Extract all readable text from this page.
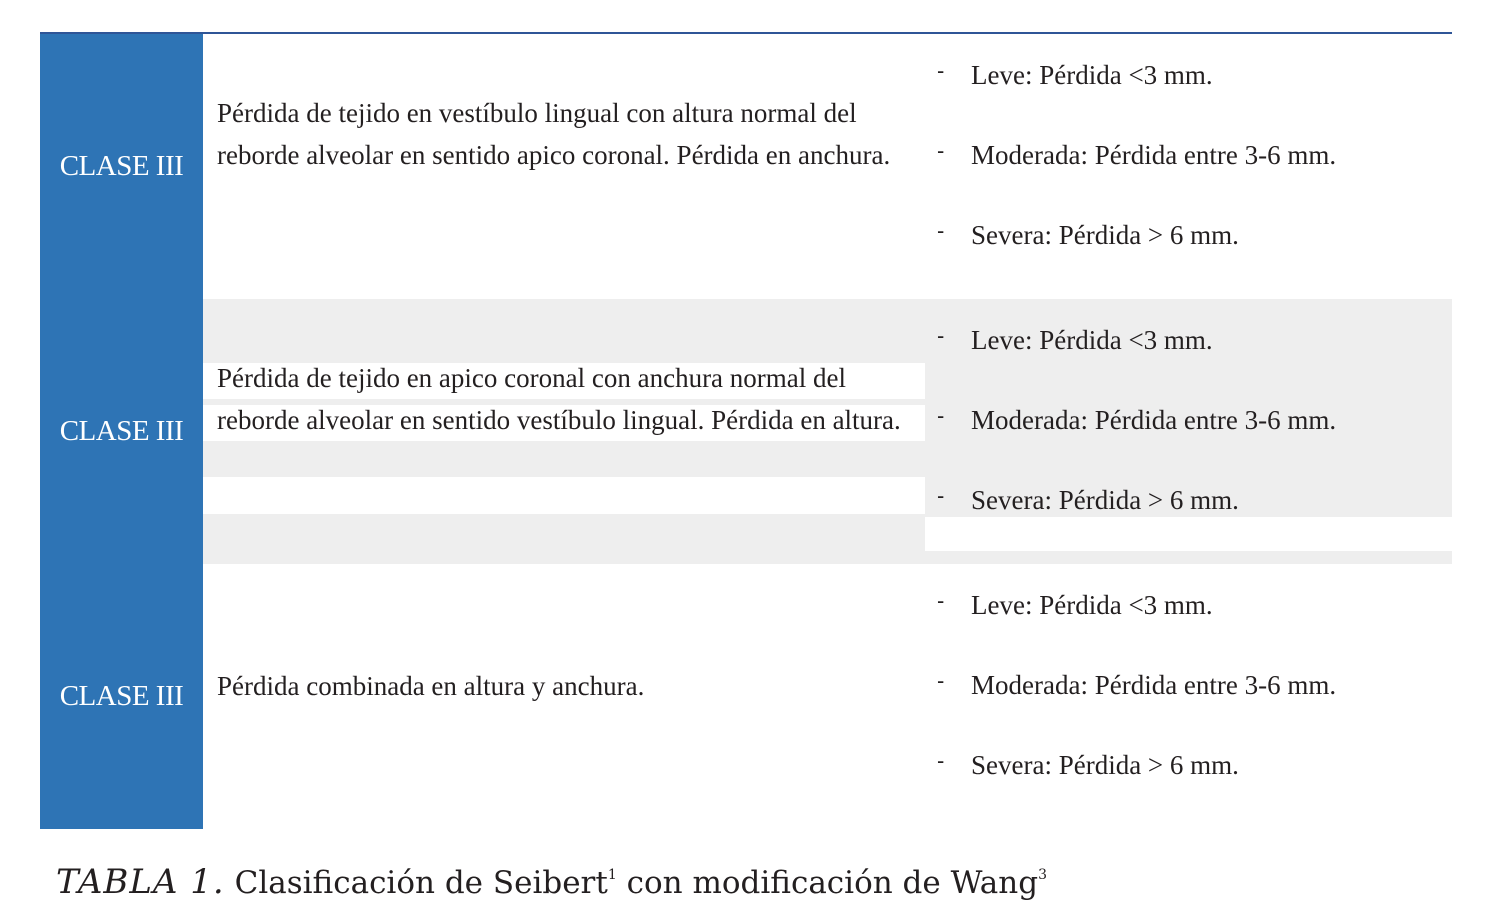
CLASE III
Pérdida de tejido en vestíbulo lingual con altura normal del reborde alveolar en sentido apico coronal. Pérdida en anchura.
- Leve: Pérdida <3 mm.
- Moderada: Pérdida entre 3-6 mm.
- Severa: Pérdida > 6 mm.
CLASE III
Pérdida de tejido en apico coronal con anchura normal del reborde alveolar en sentido vestíbulo lingual. Pérdida en altura.
- Leve: Pérdida <3 mm.
- Moderada: Pérdida entre 3-6 mm.
- Severa: Pérdida > 6 mm.
CLASE III Pérdida combinada en altura y anchura.
- Leve: Pérdida <3 mm.
- Moderada: Pérdida entre 3-6 mm.
- Severa: Pérdida > 6 mm.
TABLA 1. Clasificación de Seibert$^1$ con modificación de Wang$^3$
